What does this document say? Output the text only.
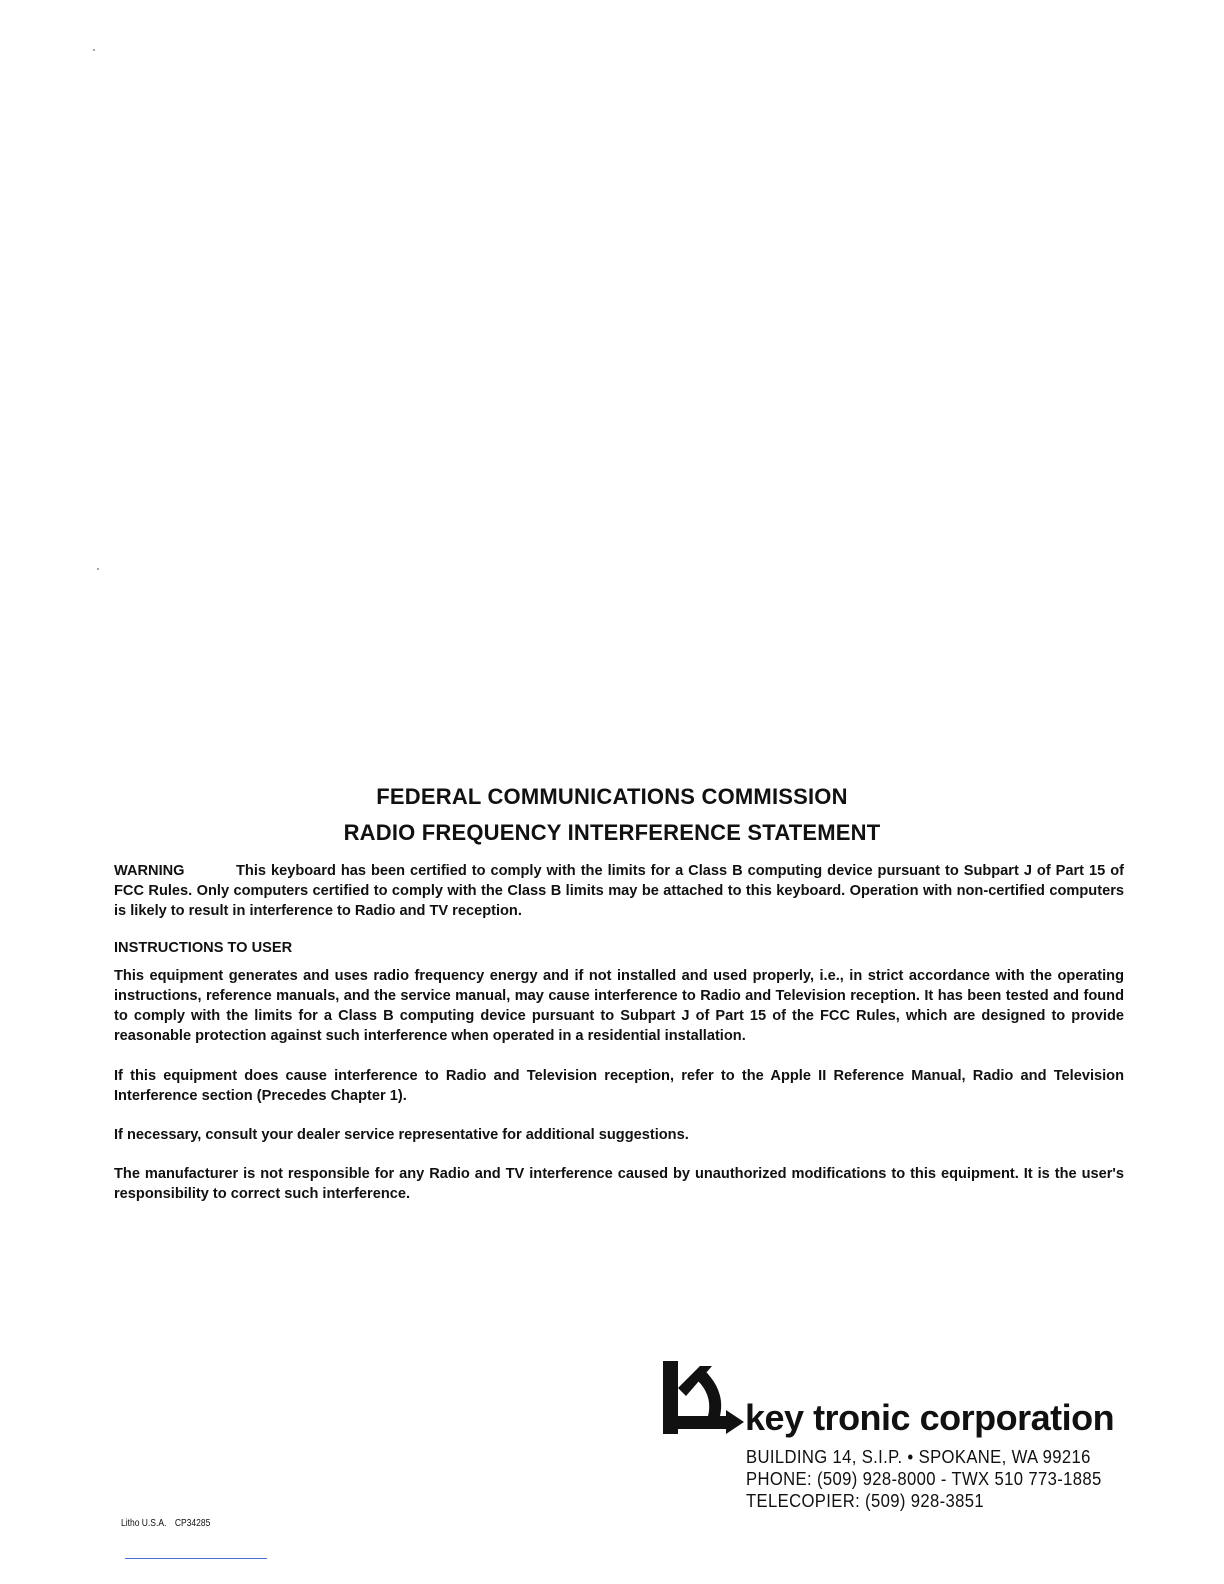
FEDERAL COMMUNICATIONS COMMISSION
RADIO FREQUENCY INTERFERENCE STATEMENT

WARNING	This keyboard has been certified to comply with the limits for a Class B computing device pursuant to Subpart J of Part 15 of FCC Rules. Only computers certified to comply with the Class B limits may be attached to this keyboard. Operation with non-certified computers is likely to result in interference to Radio and TV reception.

INSTRUCTIONS TO USER

This equipment generates and uses radio frequency energy and if not installed and used properly, i.e., in strict accordance with the operating instructions, reference manuals, and the service manual, may cause interference to Radio and Television reception. It has been tested and found to comply with the limits for a Class B computing device pursuant to Subpart J of Part 15 of the FCC Rules, which are designed to provide reasonable protection against such interference when operated in a residential installation.

If this equipment does cause interference to Radio and Television reception, refer to the Apple II Reference Manual, Radio and Television Interference section (Precedes Chapter 1).

If necessary, consult your dealer service representative for additional suggestions.

The manufacturer is not responsible for any Radio and TV interference caused by unauthorized modifications to this equipment. It is the user's responsibility to correct such interference.

key tronic corporation
BUILDING 14, S.I.P. • SPOKANE, WA 99216
PHONE: (509) 928-8000 - TWX 510 773-1885
TELECOPIER: (509) 928-3851
Litho U.S.A. CP34285
